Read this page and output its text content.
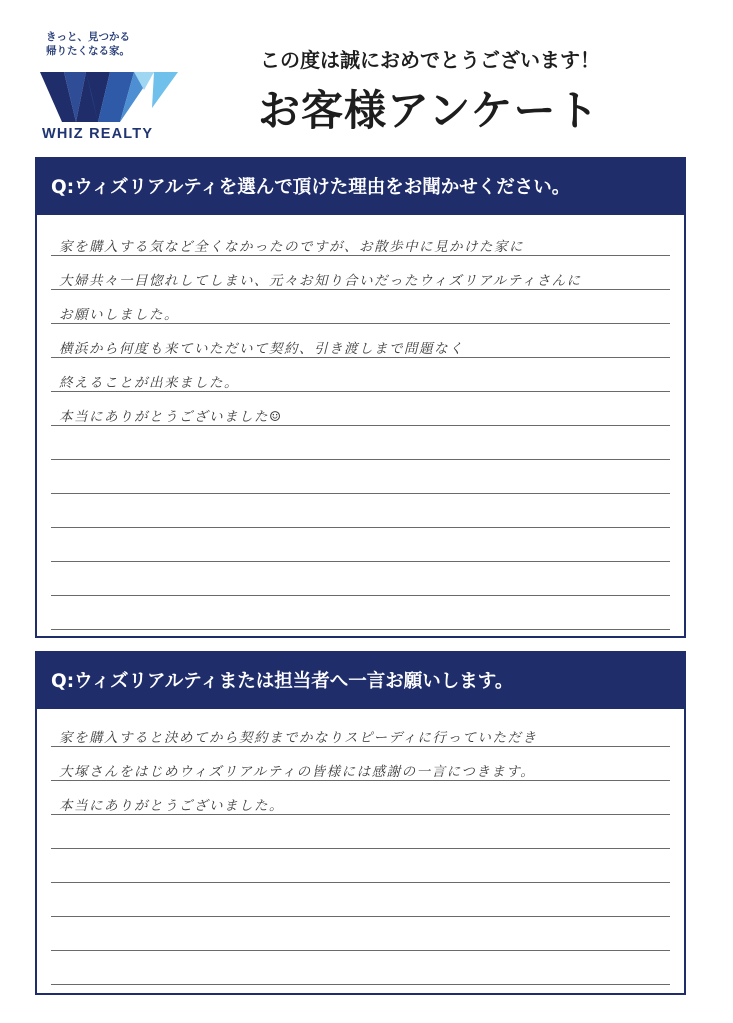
きっと、見つかる
帰りたくなる家。
WHIZ REALTY
この度は誠におめでとうございます！
お客様アンケート
Q:ウィズリアルティを選んで頂けた理由をお聞かせください。
家を購入する気など全くなかったのですが、お散歩中に見かけた家に
大婦共々一目惚れしてしまい、元々お知り合いだったウィズリアルティさんに
お願いしました。
横浜から何度も来ていただいて契約、引き渡しまで問題なく
終えることが出来ました。
本当にありがとうございました☺
Q:ウィズリアルティまたは担当者へ一言お願いします。
家を購入すると決めてから契約までかなりスピーディに行っていただき
大塚さんをはじめウィズリアルティの皆様には感謝の一言につきます。
本当にありがとうございました。
